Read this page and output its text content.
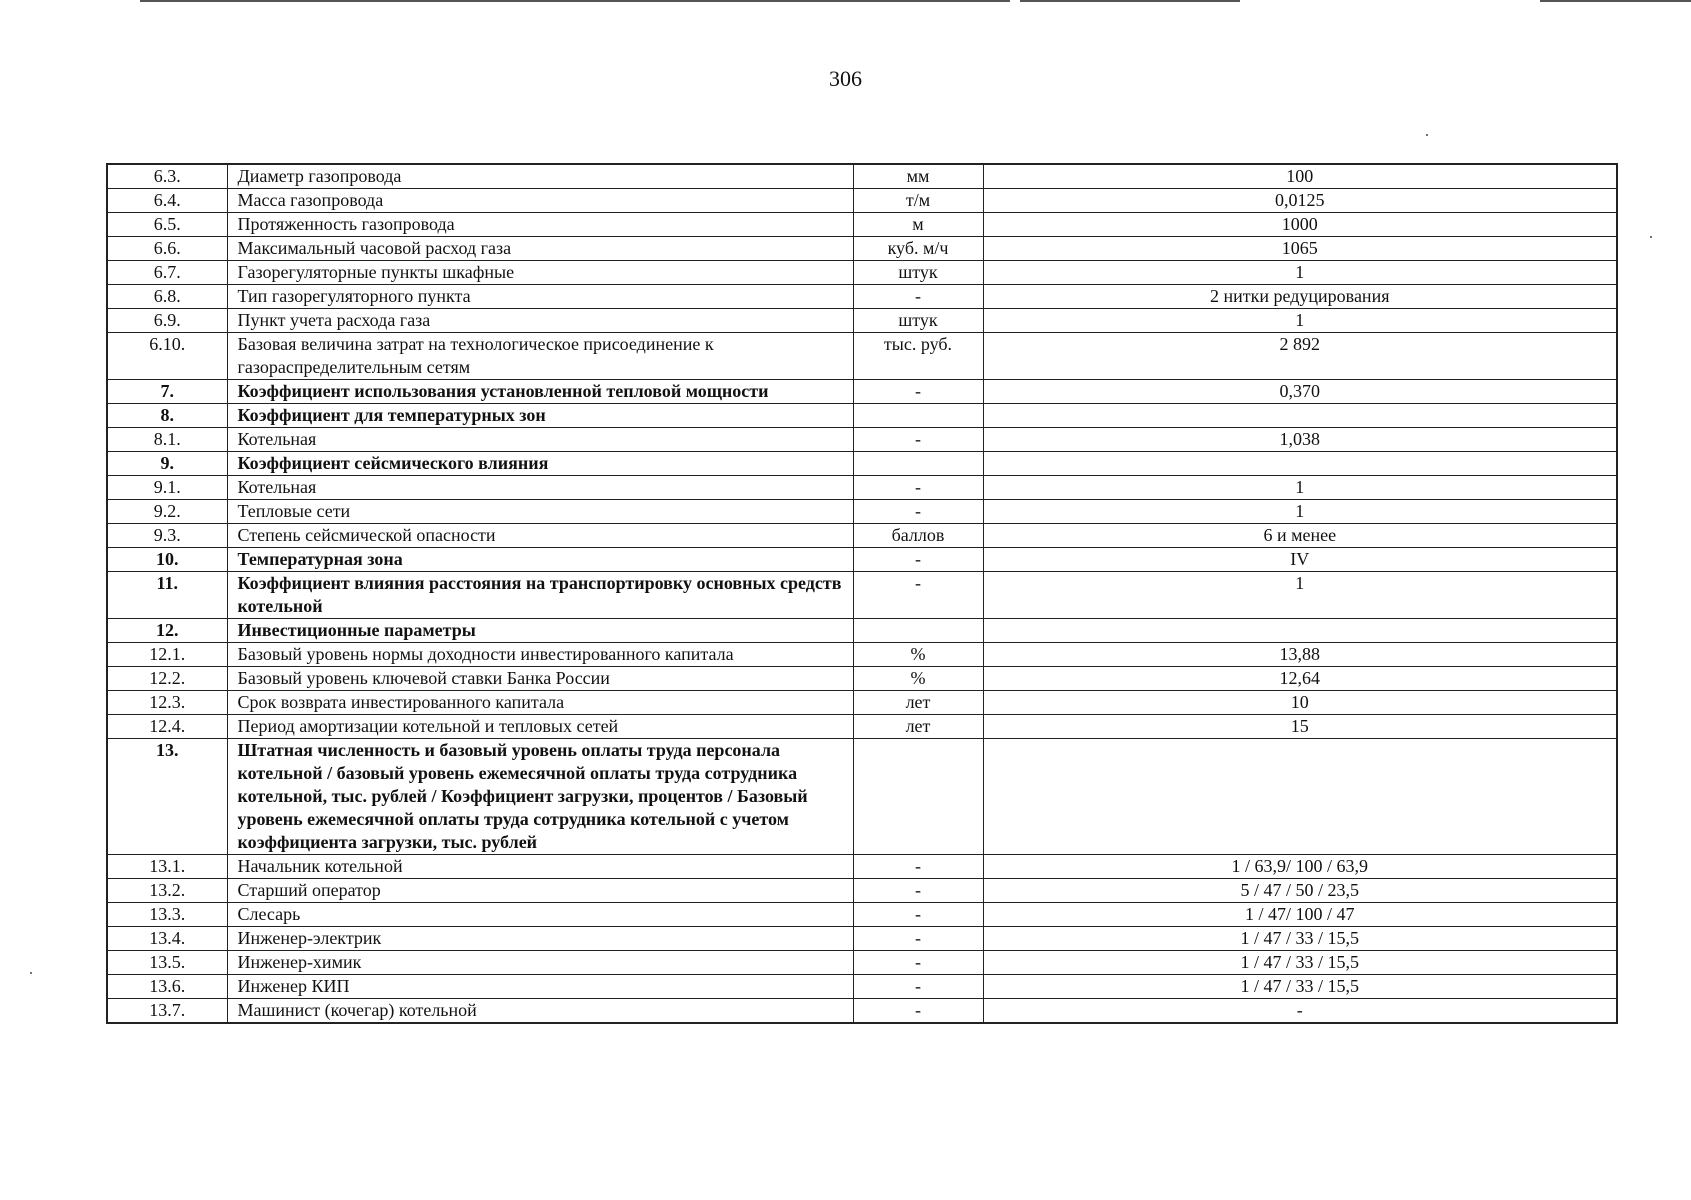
306
6.3.	Диаметр газопровода	мм	100
6.4.	Масса газопровода	т/м	0,0125
6.5.	Протяженность газопровода	м	1000
6.6.	Максимальный часовой расход газа	куб. м/ч	1065
6.7.	Газорегуляторные пункты шкафные	штук	1
6.8.	Тип газорегуляторного пункта	-	2 нитки редуцирования
6.9.	Пункт учета расхода газа	штук	1
6.10.	Базовая величина затрат на технологическое присоединение к газораспределительным сетям	тыс. руб.	2 892
7.	Коэффициент использования установленной тепловой мощности	-	0,370
8.	Коэффициент для температурных зон		
8.1.	Котельная	-	1,038
9.	Коэффициент сейсмического влияния		
9.1.	Котельная	-	1
9.2.	Тепловые сети	-	1
9.3.	Степень сейсмической опасности	баллов	6 и менее
10.	Температурная зона	-	IV
11.	Коэффициент влияния расстояния на транспортировку основных средств котельной	-	1
12.	Инвестиционные параметры		
12.1.	Базовый уровень нормы доходности инвестированного капитала	%	13,88
12.2.	Базовый уровень ключевой ставки Банка России	%	12,64
12.3.	Срок возврата инвестированного капитала	лет	10
12.4.	Период амортизации котельной и тепловых сетей	лет	15
13.	Штатная численность и базовый уровень оплаты труда персонала котельной / базовый уровень ежемесячной оплаты труда сотрудника котельной, тыс. рублей / Коэффициент загрузки, процентов / Базовый уровень ежемесячной оплаты труда сотрудника котельной с учетом коэффициента загрузки, тыс. рублей		
13.1.	Начальник котельной	-	1 / 63,9/ 100 / 63,9
13.2.	Старший оператор	-	5 / 47 / 50 / 23,5
13.3.	Слесарь	-	1 / 47/ 100 / 47
13.4.	Инженер-электрик	-	1 / 47 / 33 / 15,5
13.5.	Инженер-химик	-	1 / 47 / 33 / 15,5
13.6.	Инженер КИП	-	1 / 47 / 33 / 15,5
13.7.	Машинист (кочегар) котельной	-	-
